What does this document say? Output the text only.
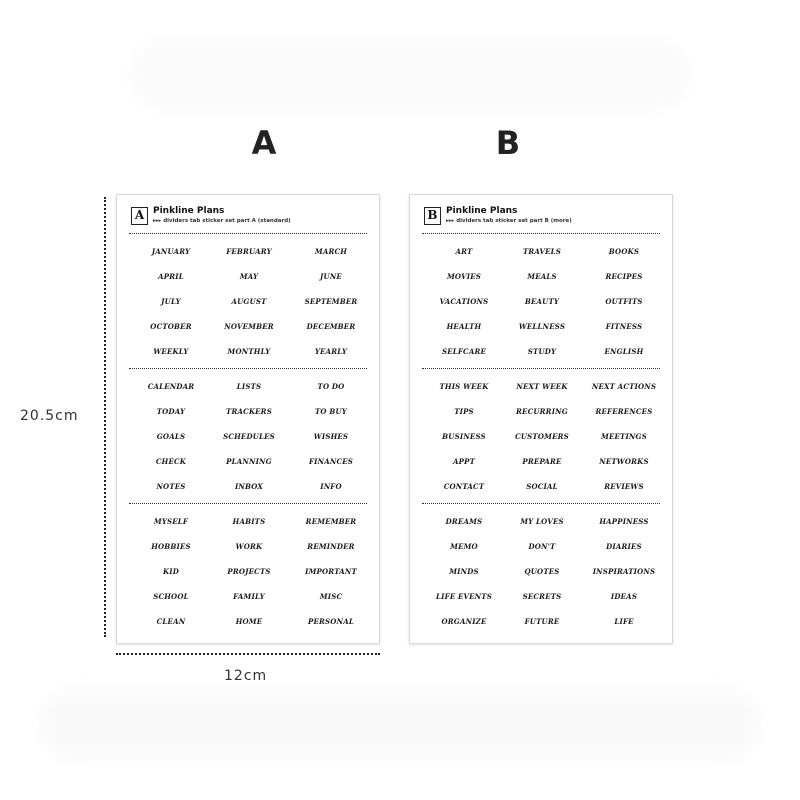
A	B
20.5cm
12cm
A Pinkline Plans
▸▸▸ dividers tab sticker set part A (standard)
JANUARY	FEBRUARY	MARCH
APRIL	MAY	JUNE
JULY	AUGUST	SEPTEMBER
OCTOBER	NOVEMBER	DECEMBER
WEEKLY	MONTHLY	YEARLY
CALENDAR	LISTS	TO DO
TODAY	TRACKERS	TO BUY
GOALS	SCHEDULES	WISHES
CHECK	PLANNING	FINANCES
NOTES	INBOX	INFO
MYSELF	HABITS	REMEMBER
HOBBIES	WORK	REMINDER
KID	PROJECTS	IMPORTANT
SCHOOL	FAMILY	MISC
CLEAN	HOME	PERSONAL
B Pinkline Plans
▸▸▸ dividers tab sticker set part B (more)
ART	TRAVELS	BOOKS
MOVIES	MEALS	RECIPES
VACATIONS	BEAUTY	OUTFITS
HEALTH	WELLNESS	FITNESS
SELFCARE	STUDY	ENGLISH
THIS WEEK	NEXT WEEK	NEXT ACTIONS
TIPS	RECURRING	REFERENCES
BUSINESS	CUSTOMERS	MEETINGS
APPT	PREPARE	NETWORKS
CONTACT	SOCIAL	REVIEWS
DREAMS	MY LOVES	HAPPINESS
MEMO	DON'T	DIARIES
MINDS	QUOTES	INSPIRATIONS
LIFE EVENTS	SECRETS	IDEAS
ORGANIZE	FUTURE	LIFE
